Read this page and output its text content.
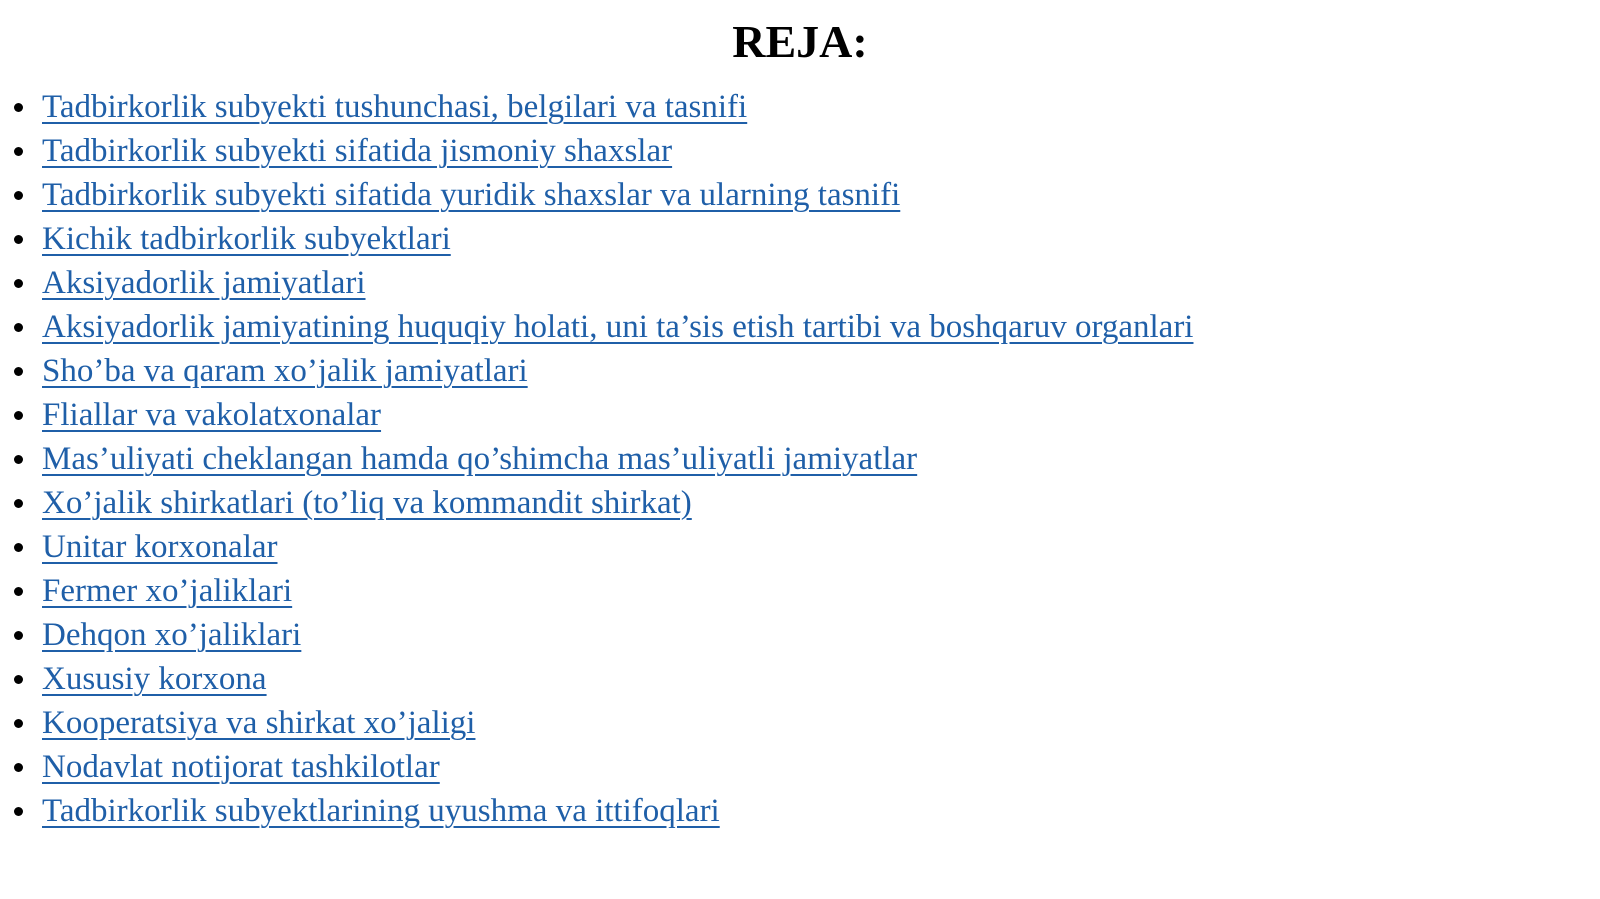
REJA:
Tadbirkorlik subyekti tushunchasi, belgilari va tasnifi
Tadbirkorlik subyekti sifatida jismoniy shaxslar
Tadbirkorlik subyekti sifatida yuridik shaxslar va ularning tasnifi
Kichik tadbirkorlik subyektlari
Aksiyadorlik jamiyatlari
Aksiyadorlik jamiyatining huquqiy holati, uni ta’sis etish tartibi va boshqaruv organlari
Sho’ba va qaram xo’jalik jamiyatlari
Fliallar va vakolatxonalar
Mas’uliyati cheklangan hamda qo’shimcha mas’uliyatli jamiyatlar
Xo’jalik shirkatlari (to’liq va kommandit shirkat)
Unitar korxonalar
Fermer xo’jaliklari
Dehqon xo’jaliklari
Xususiy korxona
Kooperatsiya va shirkat xo’jaligi
Nodavlat notijorat tashkilotlar
Tadbirkorlik subyektlarining uyushma va ittifoqlari
